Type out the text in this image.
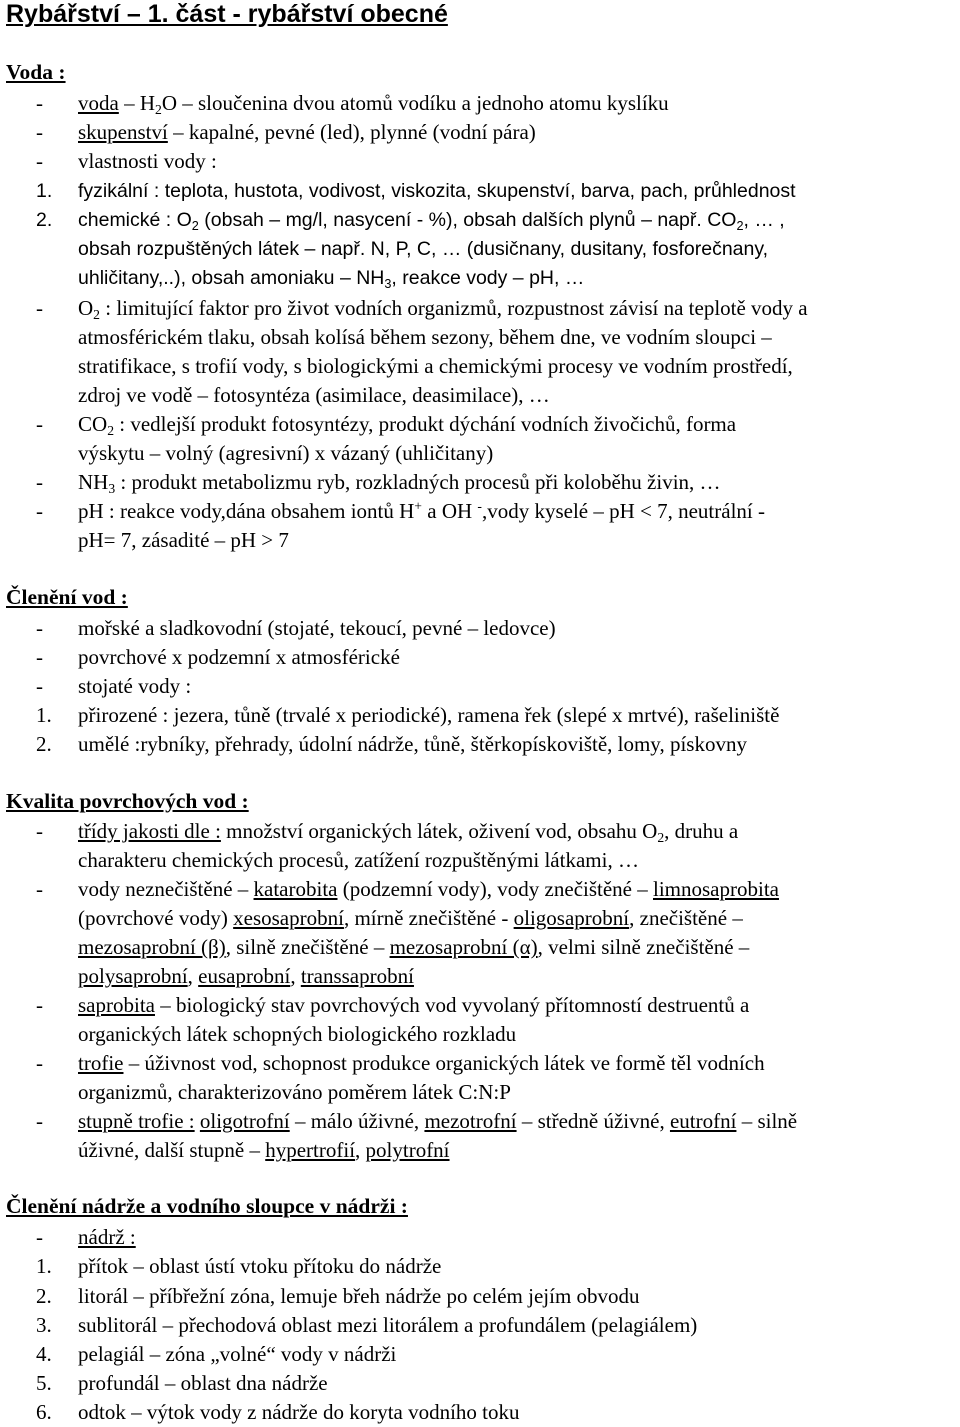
Rybářství – 1. část - rybářství obecné
Voda :
- voda – $H_2O$ – sloučenina dvou atomů vodíku a jednoho atomu kyslíku
- skupenství – kapalné, pevné (led), plynné (vodní pára)
- vlastnosti vody :
1. fyzikální : teplota, hustota, vodivost, viskozita, skupenství, barva, pach, průhlednost
2. chemické : $O_2$ (obsah – mg/l, nasycení - %), obsah dalších plynů – např. $CO_2$, … ,
obsah rozpuštěných látek – např. N, P, C, … (dusičnany, dusitany, fosforečnany,
uhličitany,..), obsah amoniaku – $NH_3$, reakce vody – pH, …
- $O_2$ : limitující faktor pro život vodních organizmů, rozpustnost závisí na teplotě vody a
atmosférickém tlaku, obsah kolísá během sezony, během dne, ve vodním sloupci –
stratifikace, s trofií vody, s biologickými a chemickými procesy ve vodním prostředí,
zdroj ve vodě – fotosyntéza (asimilace, deasimilace), …
- $CO_2$ : vedlejší produkt fotosyntézy, produkt dýchání vodních živočichů, forma
výskytu – volný (agresivní) x vázaný (uhličitany)
- $NH_3$ : produkt metabolizmu ryb, rozkladných procesů při koloběhu živin, …
- pH : reakce vody,dána obsahem iontů H+ a OH -,vody kyselé – pH < 7, neutrální -
pH= 7, zásadité – pH > 7
Členění vod :
- mořské a sladkovodní (stojaté, tekoucí, pevné – ledovce)
- povrchové x podzemní x atmosférické
- stojaté vody :
1. přirozené : jezera, tůně (trvalé x periodické), ramena řek (slepé x mrtvé), rašeliniště
2. umělé :rybníky, přehrady, údolní nádrže, tůně, štěrkopískoviště, lomy, pískovny
Kvalita povrchových vod :
- třídy jakosti dle : množství organických látek, oživení vod, obsahu $O_2$, druhu a
charakteru chemických procesů, zatížení rozpuštěnými látkami, …
- vody neznečištěné – katarobita (podzemní vody), vody znečištěné – limnosaprobita
(povrchové vody) xesosaprobní, mírně znečištěné - oligosaprobní, znečištěné –
mezosaprobní (β), silně znečištěné – mezosaprobní (α), velmi silně znečištěné –
polysaprobní, eusaprobní, transsaprobní
- saprobita – biologický stav povrchových vod vyvolaný přítomností destruentů a
organických látek schopných biologického rozkladu
- trofie – úživnost vod, schopnost produkce organických látek ve formě těl vodních
organizmů, charakterizováno poměrem látek C:N:P
- stupně trofie : oligotrofní – málo úživné, mezotrofní – středně úživné, eutrofní – silně
úživné, další stupně – hypertrofií, polytrofní
Členění nádrže a vodního sloupce v nádrži :
- nádrž :
1. přítok – oblast ústí vtoku přítoku do nádrže
2. litorál – příbřežní zóna, lemuje břeh nádrže po celém jejím obvodu
3. sublitorál – přechodová oblast mezi litorálem a profundálem (pelagiálem)
4. pelagiál – zóna „volné“ vody v nádrži
5. profundál – oblast dna nádrže
6. odtok – výtok vody z nádrže do koryta vodního toku
